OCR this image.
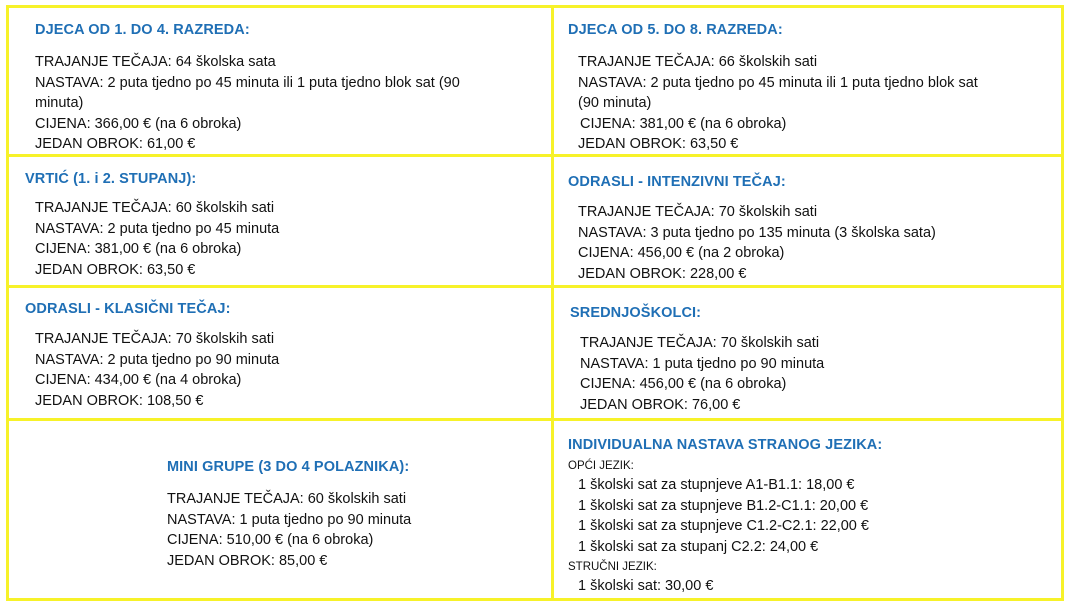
DJECA OD 1. DO 4. RAZREDA:
TRAJANJE TEČAJA: 64 školska sata
NASTAVA: 2 puta tjedno po 45 minuta ili 1 puta tjedno blok sat (90
minuta)
CIJENA: 366,00 € (na 6 obroka)
JEDAN OBROK: 61,00 €
DJECA OD 5. DO 8. RAZREDA:
TRAJANJE TEČAJA: 66 školskih sati
NASTAVA: 2 puta tjedno po 45 minuta ili 1 puta tjedno blok sat
(90 minuta)
CIJENA: 381,00 € (na 6 obroka)
JEDAN OBROK: 63,50 €
VRTIĆ (1. i 2. STUPANJ):
TRAJANJE TEČAJA: 60 školskih sati
NASTAVA: 2 puta tjedno po 45 minuta
CIJENA: 381,00 € (na 6 obroka)
JEDAN OBROK: 63,50 €
ODRASLI - INTENZIVNI TEČAJ:
TRAJANJE TEČAJA: 70 školskih sati
NASTAVA: 3 puta tjedno po 135 minuta (3 školska sata)
CIJENA: 456,00 € (na 2 obroka)
JEDAN OBROK: 228,00 €
ODRASLI - KLASIČNI TEČAJ:
TRAJANJE TEČAJA: 70 školskih sati
NASTAVA: 2 puta tjedno po 90 minuta
CIJENA: 434,00 € (na 4 obroka)
JEDAN OBROK: 108,50 €
SREDNJOŠKOLCI:
TRAJANJE TEČAJA: 70 školskih sati
NASTAVA: 1 puta tjedno po 90 minuta
CIJENA: 456,00 € (na 6 obroka)
JEDAN OBROK: 76,00 €
MINI GRUPE (3 DO 4 POLAZNIKA):
TRAJANJE TEČAJA: 60 školskih sati
NASTAVA: 1 puta tjedno po 90 minuta
CIJENA: 510,00 € (na 6 obroka)
JEDAN OBROK: 85,00 €
INDIVIDUALNA NASTAVA STRANOG JEZIKA:
OPĆI JEZIK:
1 školski sat za stupnjeve A1-B1.1: 18,00 €
1 školski sat za stupnjeve B1.2-C1.1: 20,00 €
1 školski sat za stupnjeve C1.2-C2.1: 22,00 €
1 školski sat za stupanj C2.2: 24,00 €
STRUČNI JEZIK:
1 školski sat: 30,00 €
